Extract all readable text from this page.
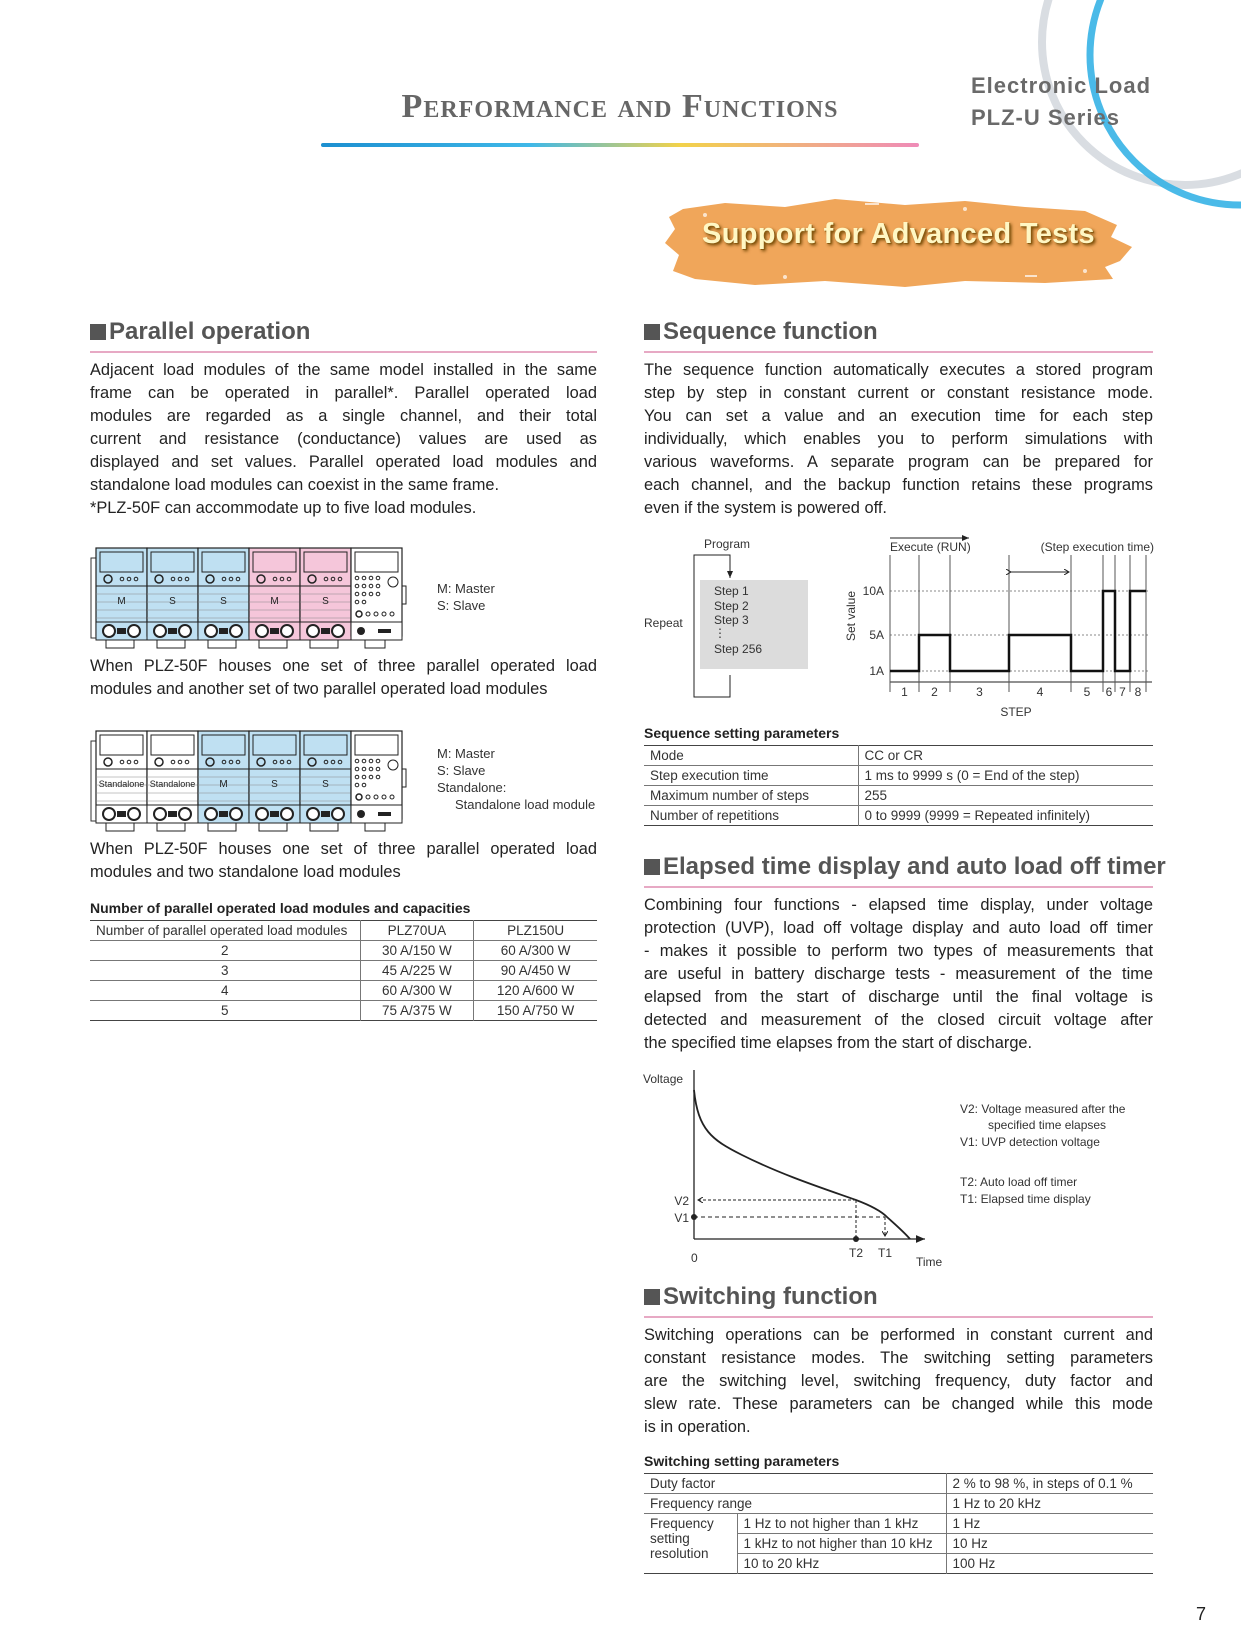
Performance and Functions
Electronic Load
PLZ-U Series
Support for Advanced Tests
Parallel operation
Adjacent load modules of the same model installed in the same
frame can be operated in parallel*. Parallel operated load
modules are regarded as a single channel, and their total
current and resistance (conductance) values are used as
displayed and set values. Parallel operated load modules and
standalone load modules can coexist in the same frame.
*PLZ-50F can accommodate up to five load modules.
M	S	S	M	S
M: Master
S: Slave
When PLZ-50F houses one set of three parallel operated load
modules and another set of two parallel operated load modules
Standalone Standalone M	S	S
M: Master
S: Slave
Standalone:
Standalone load module
When PLZ-50F houses one set of three parallel operated load
modules and two standalone load modules
Number of parallel operated load modules and capacities
Number of parallel operated load modules	PLZ70UA	PLZ150U
2	30 A/150 W	60 A/300 W
3	45 A/225 W	90 A/450 W
4	60 A/300 W	120 A/600 W
5	75 A/375 W	150 A/750 W
Sequence function
The sequence function automatically executes a stored program
step by step in constant current or constant resistance mode.
You can set a value and an execution time for each step
individually, which enables you to perform simulations with
various waveforms. A separate program can be prepared for
each channel, and the backup function retains these programs
even if the system is powered off.
Program
Step 1
Step 2
Step 3
⋮
Step 256
Repeat
10A
5A
1A
1 2	3	4	5 6 7 8
STEP
Set value
Execute (RUN)	(Step execution time)
Sequence setting parameters
Mode	CC or CR
Step execution time	1 ms to 9999 s (0 = End of the step)
Maximum number of steps	255
Number of repetitions	0 to 9999 (9999 = Repeated infinitely)
Elapsed time display and auto load off timer
Combining four functions - elapsed time display, under voltage
protection (UVP), load off voltage display and auto load off timer
- makes it possible to perform two types of measurements that
are useful in battery discharge tests - measurement of the time
elapsed from the start of discharge until the final voltage is
detected and measurement of the closed circuit voltage after
the specified time elapses from the start of discharge.
Voltage
Time
0
V2
V1
T2 T1
V2: Voltage measured after the
specified time elapses
V1: UVP detection voltage
T2: Auto load off timer
T1: Elapsed time display
Switching function
Switching operations can be performed in constant current and
constant resistance modes. The switching setting parameters
are the switching level, switching frequency, duty factor and
slew rate. These parameters can be changed while this mode
is in operation.
Switching setting parameters
Duty factor		2 % to 98 %, in steps of 0.1 %
Frequency range		1 Hz to 20 kHz
Frequency setting resolution	1 Hz to not higher than 1 kHz	1 Hz
	1 kHz to not higher than 10 kHz	10 Hz
	10 to 20 kHz	100 Hz
7
